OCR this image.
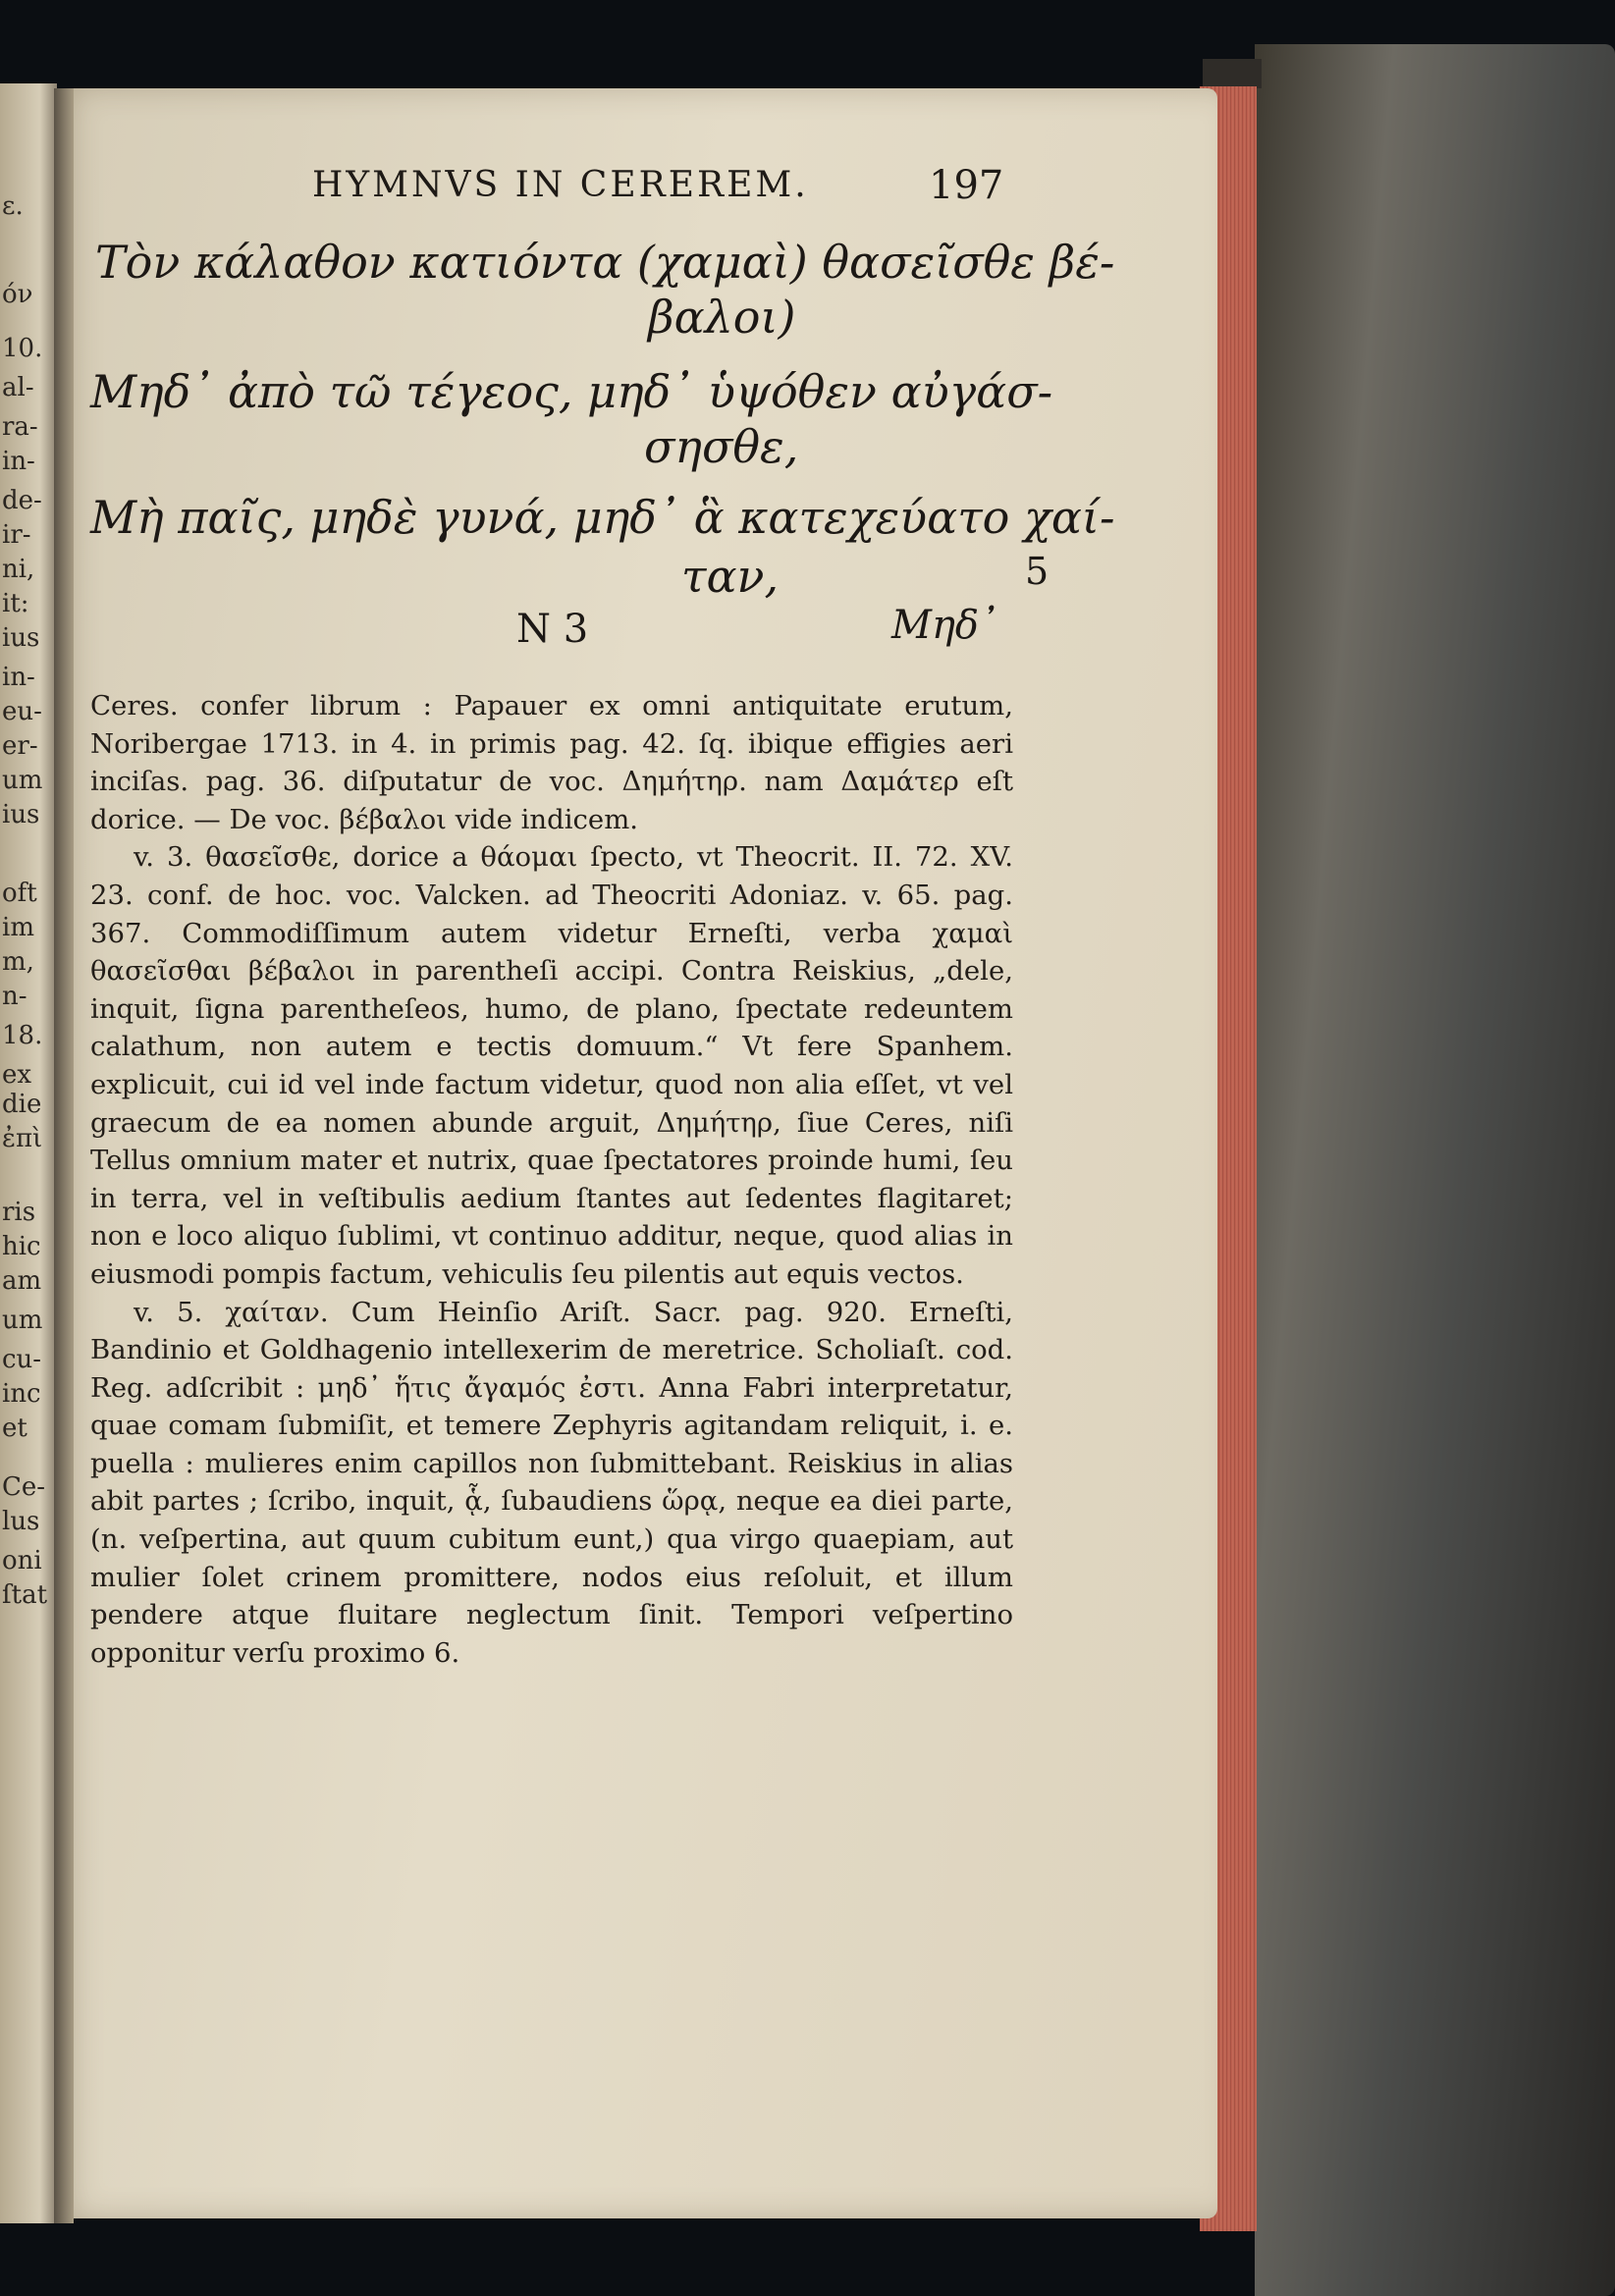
ε.
όν
10.
al-
ra-
in-
de-
ir-
ni,
it:
ius
in-
eu-
er-
um
ius
oft
im
m,
n-
18.
ex
die
ἐπὶ
ris
hic
am
um
cu-
inc
et
Ce-
lus
oni
ſtat
HYMNVS IN CEREREM.	197
Τὸν κάλαθον κατιόντα (χαμαὶ) θασεῖσθε βέ-
βαλοι)
Μηδ᾽ ἀπὸ τῶ τέγεος, μηδ᾽ ὑψόθεν αὐγάσ-
σησθε,
Μὴ παῖς, μηδὲ γυνά, μηδ᾽ ἃ κατεχεύατο χαί-
ταν,	5
N 3	Μηδ᾽

Ceres. confer librum : Papauer ex omni antiquitate erutum, Noribergae 1713. in 4. in primis pag. 42. ſq. ibique effigies aeri inciſas. pag. 36. diſputatur de voc. Δημήτηρ. nam Δαμάτερ eſt dorice. — De voc. βέβαλοι vide indicem.

v. 3. θασεῖσθε, dorice a θάομαι ſpecto, vt Theocrit. II. 72. XV. 23. conf. de hoc. voc. Valcken. ad Theocriti Adoniaz. v. 65. pag. 367. Commodiſſimum autem videtur Erneſti, verba χαμαὶ θασεῖσθαι βέβαλοι in parentheſi accipi. Contra Reiskius, „dele, inquit, ſigna parentheſeos, humo, de plano, ſpectate redeuntem calathum, non autem e tectis domuum.“ Vt fere Spanhem. explicuit, cui id vel inde factum videtur, quod non alia eſſet, vt vel graecum de ea nomen abunde arguit, Δημήτηρ, ſiue Ceres, niſi Tellus omnium mater et nutrix, quae ſpectatores proinde humi, ſeu in terra, vel in veſtibulis aedium ſtantes aut ſedentes flagitaret; non e loco aliquo ſublimi, vt continuo additur, neque, quod alias in eiusmodi pompis factum, vehiculis ſeu pilentis aut equis vectos.

v. 5. χαίταν. Cum Heinſio Ariſt. Sacr. pag. 920. Erneſti, Bandinio et Goldhagenio intellexerim de meretrice. Scholiaſt. cod. Reg. adſcribit : μηδ᾽ ἥτις ἄγαμός ἐστι. Anna Fabri interpretatur, quae comam ſubmiſit, et temere Zephyris agitandam reliquit, i. e. puella : mulieres enim capillos non ſubmittebant. Reiskius in alias abit partes ; ſcribo, inquit, ᾇ, ſubaudiens ὥρᾳ, neque ea diei parte, (n. veſpertina, aut quum cubitum eunt,) qua virgo quaepiam, aut mulier ſolet crinem promittere, nodos eius reſoluit, et illum pendere atque fluitare neglectum ſinit. Tempori veſpertino opponitur verſu proximo 6.
